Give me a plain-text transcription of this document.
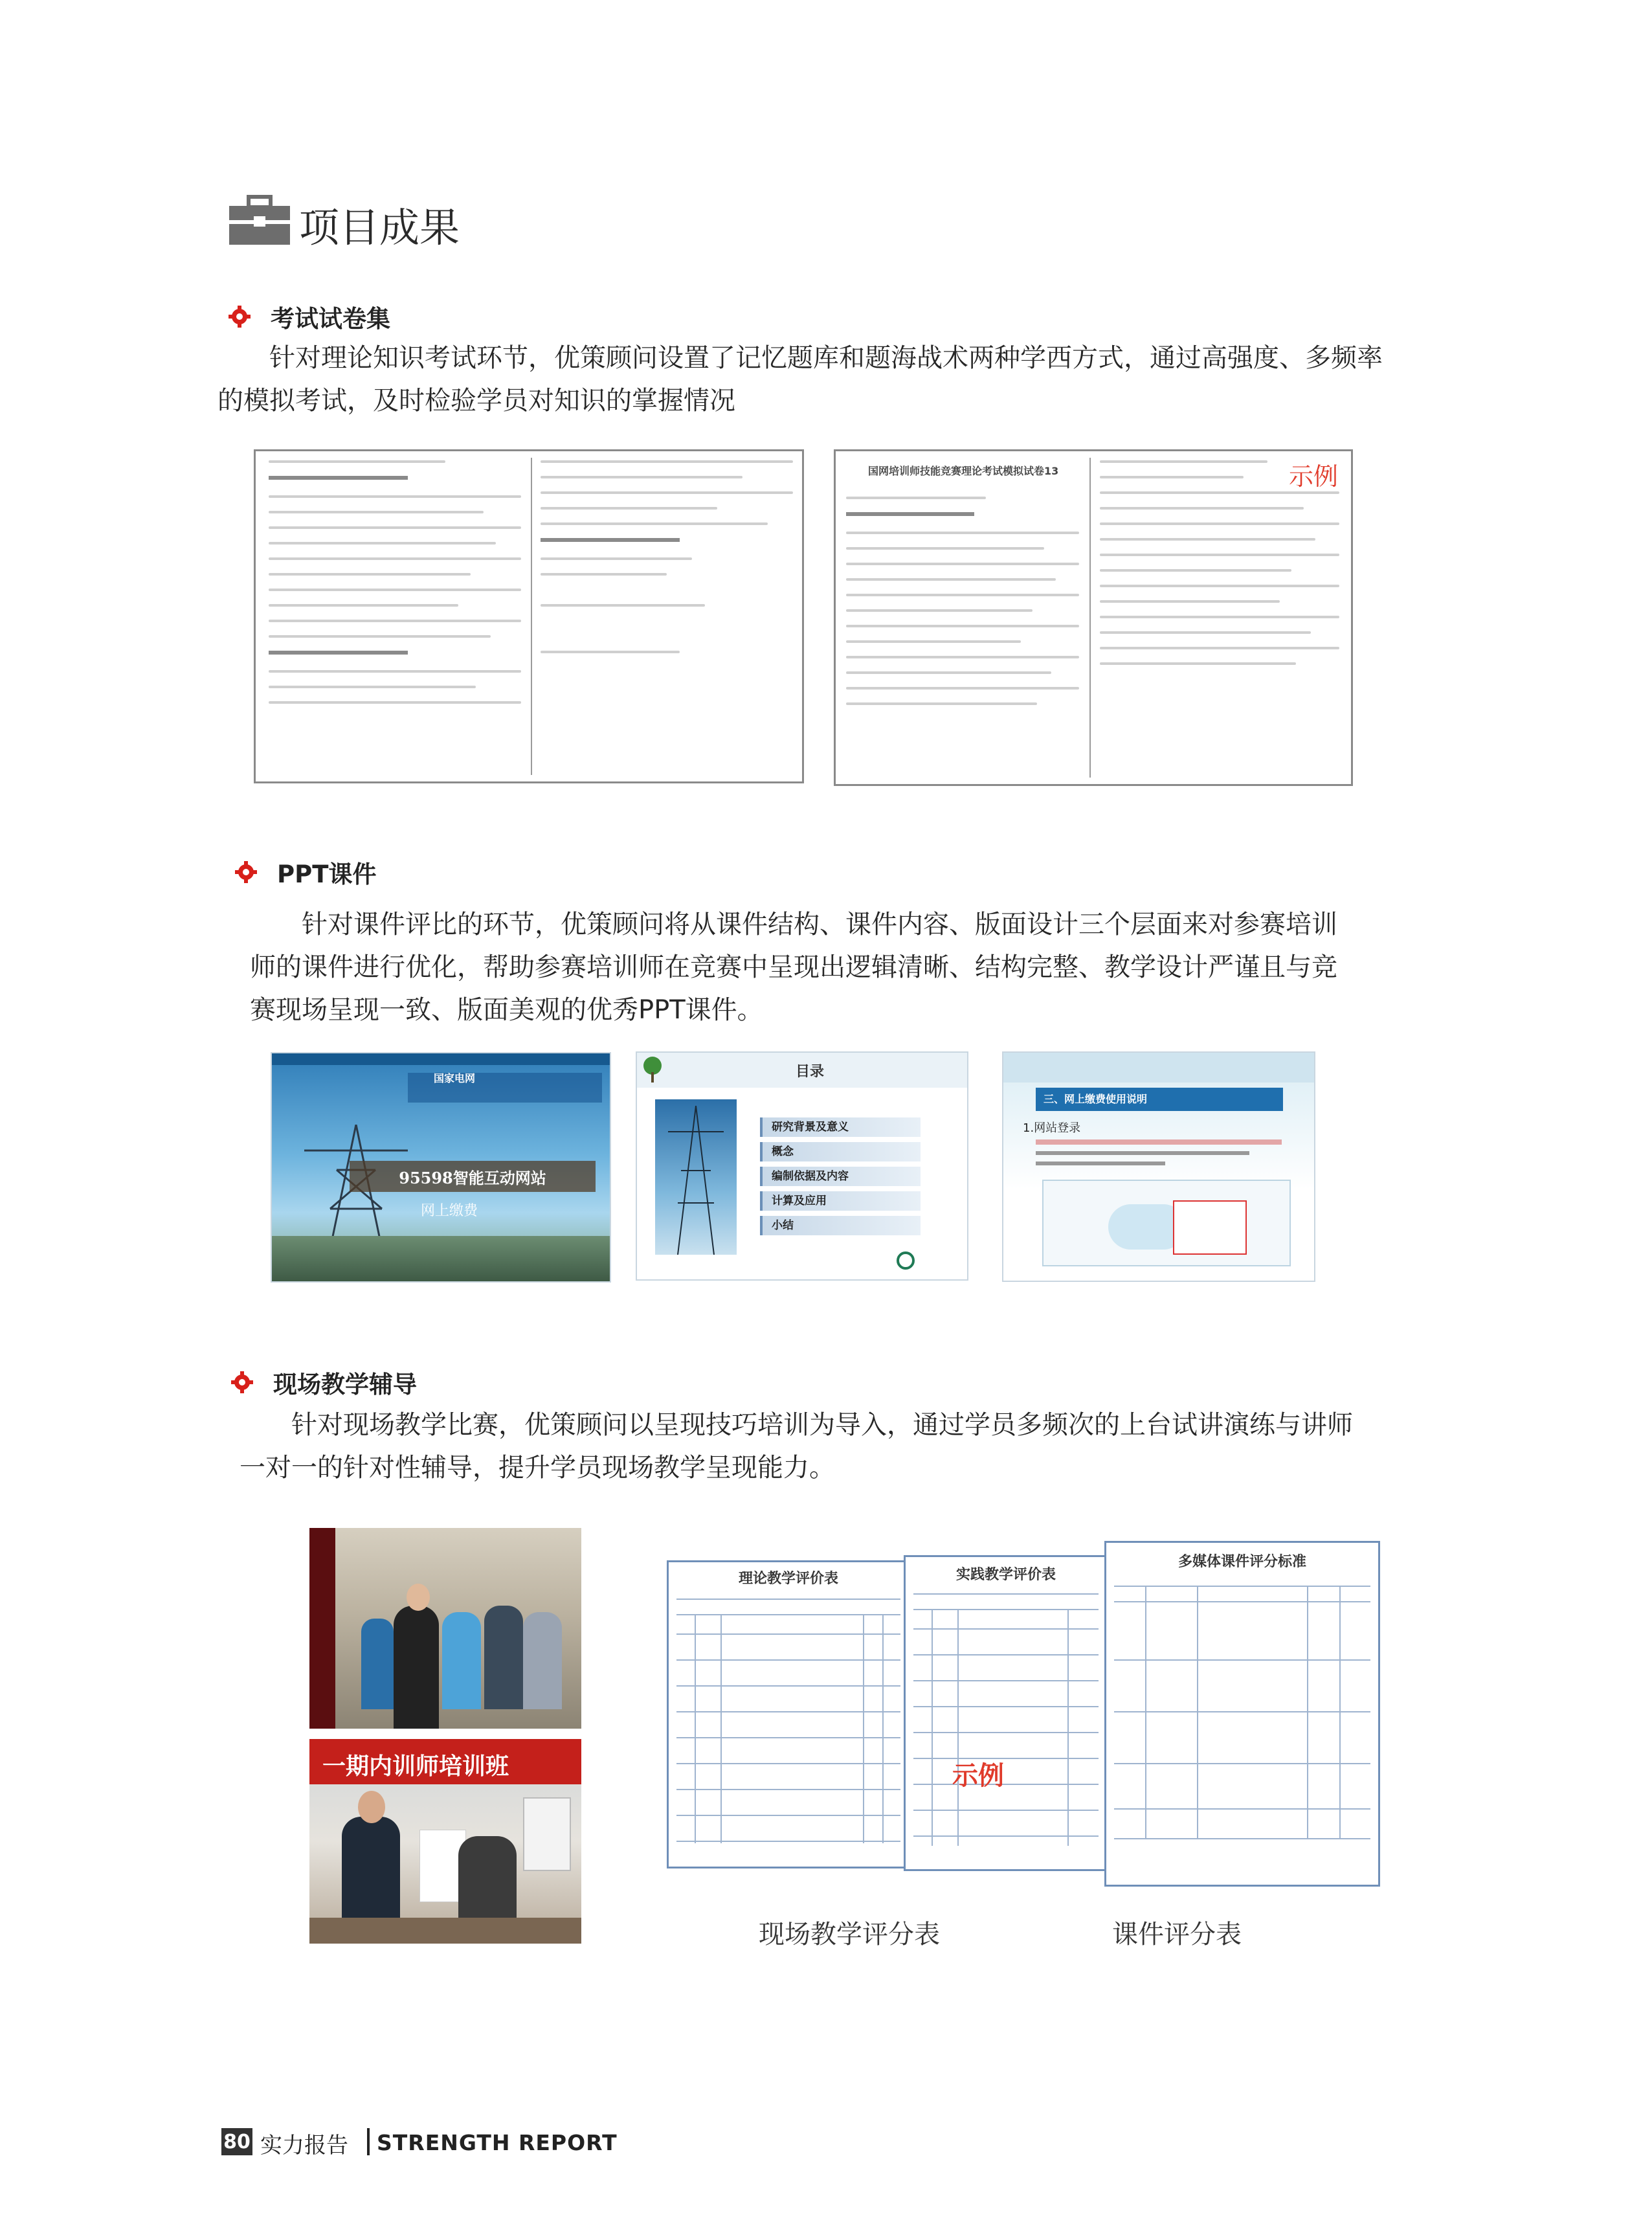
项目成果
考试试卷集
针对理论知识考试环节，优策顾问设置了记忆题库和题海战术两种学西方式，通过高强度、多频率
的模拟考试，及时检验学员对知识的掌握情况
国网培训师技能竞赛理论考试模拟试卷13	示例
PPT课件
针对课件评比的环节，优策顾问将从课件结构、课件内容、版面设计三个层面来对参赛培训
师的课件进行优化，帮助参赛培训师在竞赛中呈现出逻辑清晰、结构完整、教学设计严谨且与竞
赛现场呈现一致、版面美观的优秀PPT课件。
国家电网
95598智能互动网站
网上缴费
目录
研究背景及意义
概念
编制依据及内容
计算及应用
小结
三、网上缴费使用说明
1.网站登录
现场教学辅导
针对现场教学比赛，优策顾问以呈现技巧培训为导入，通过学员多频次的上台试讲演练与讲师
一对一的针对性辅导，提升学员现场教学呈现能力。
一期内训师培训班
理论教学评价表	实践教学评价表
示例
多媒体课件评分标准
现场教学评分表	课件评分表
80 实力报告 STRENGTH REPORT
